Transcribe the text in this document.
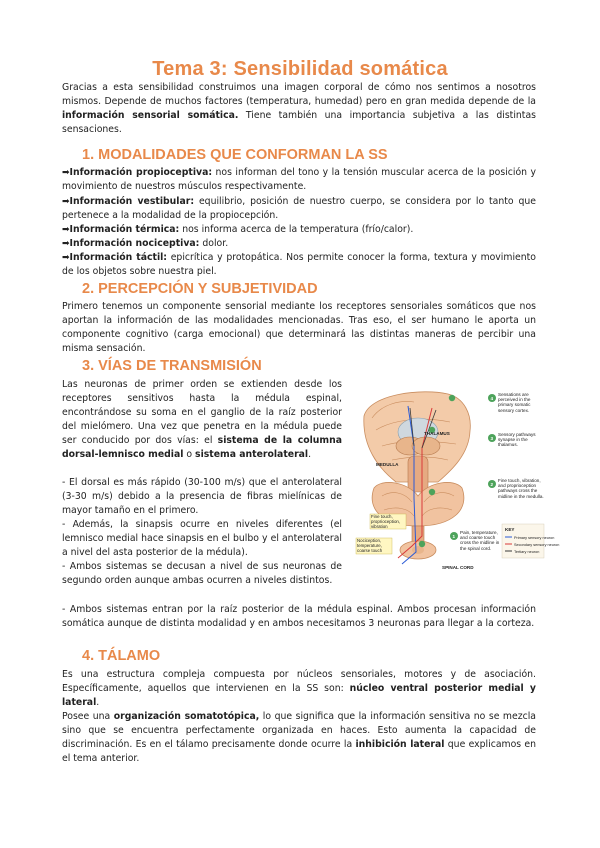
Tema 3: Sensibilidad somática

Gracias a esta sensibilidad construimos una imagen corporal de cómo nos sentimos a nosotros mismos. Depende de muchos factores (temperatura, humedad) pero en gran medida depende de la información sensorial somática. Tiene también una importancia subjetiva a las distintas sensaciones.

1. MODALIDADES QUE CONFORMAN LA SS

➡Información propioceptiva: nos informan del tono y la tensión muscular acerca de la posición y movimiento de nuestros músculos respectivamente.

➡Información vestibular: equilibrio, posición de nuestro cuerpo, se considera por lo tanto que pertenece a la modalidad de la propiocepción.

➡Información térmica: nos informa acerca de la temperatura (frío/calor).

➡Información nociceptiva: dolor.

➡Información táctil: epicrítica y protopática. Nos permite conocer la forma, textura y movimiento de los objetos sobre nuestra piel.

2. PERCEPCIÓN Y SUBJETIVIDAD

Primero tenemos un componente sensorial mediante los receptores sensoriales somáticos que nos aportan la información de las modalidades mencionadas. Tras eso, el ser humano le aporta un componente cognitivo (carga emocional) que determinará las distintas maneras de percibir una misma sensación.

3. VÍAS DE TRANSMISIÓN

Las neuronas de primer orden se extienden desde los receptores sensitivos hasta la médula espinal, encontrándose su soma en el ganglio de la raíz posterior del mielómero. Una vez que penetra en la médula puede ser conducido por dos vías: el sistema de la columna dorsal-lemnisco medial o sistema anterolateral.

- El dorsal es más rápido (30-100 m/s) que el anterolateral (3-30 m/s) debido a la presencia de fibras mielínicas de mayor tamaño en el primero.

- Además, la sinapsis ocurre en niveles diferentes (el lemnisco medial hace sinapsis en el bulbo y el anterolateral a nivel del asta posterior de la médula).

- Ambos sistemas se decusan a nivel de sus neuronas de segundo orden aunque ambas ocurren a niveles distintos.

- Ambos sistemas entran por la raíz posterior de la médula espinal. Ambos procesan información somática aunque de distinta modalidad y en ambos necesitamos 3 neuronas para llegar a la corteza.

THALAMUS
MEDULLA
SPINAL CORD
Fine touch, proprioception, vibration
Nociception, temperature, coarse touch
4
Sensations are perceived in the primary somatic sensory cortex.
3
Sensory pathways synapse in the thalamus.
2
Fine touch, vibration, and proprioception pathways cross the midline in the medulla.
1
Pain, temperature, and coarse touch cross the midline in the spinal cord.
KEY
Primary sensory neuron
Secondary sensory neuron
Tertiary neuron
4. TÁLAMO

Es una estructura compleja compuesta por núcleos sensoriales, motores y de asociación. Específicamente, aquellos que intervienen en la SS son: núcleo ventral posterior medial y lateral.

Posee una organización somatotópica, lo que significa que la información sensitiva no se mezcla sino que se encuentra perfectamente organizada en haces. Esto aumenta la capacidad de discriminación. Es en el tálamo precisamente donde ocurre la inhibición lateral que explicamos en el tema anterior.
